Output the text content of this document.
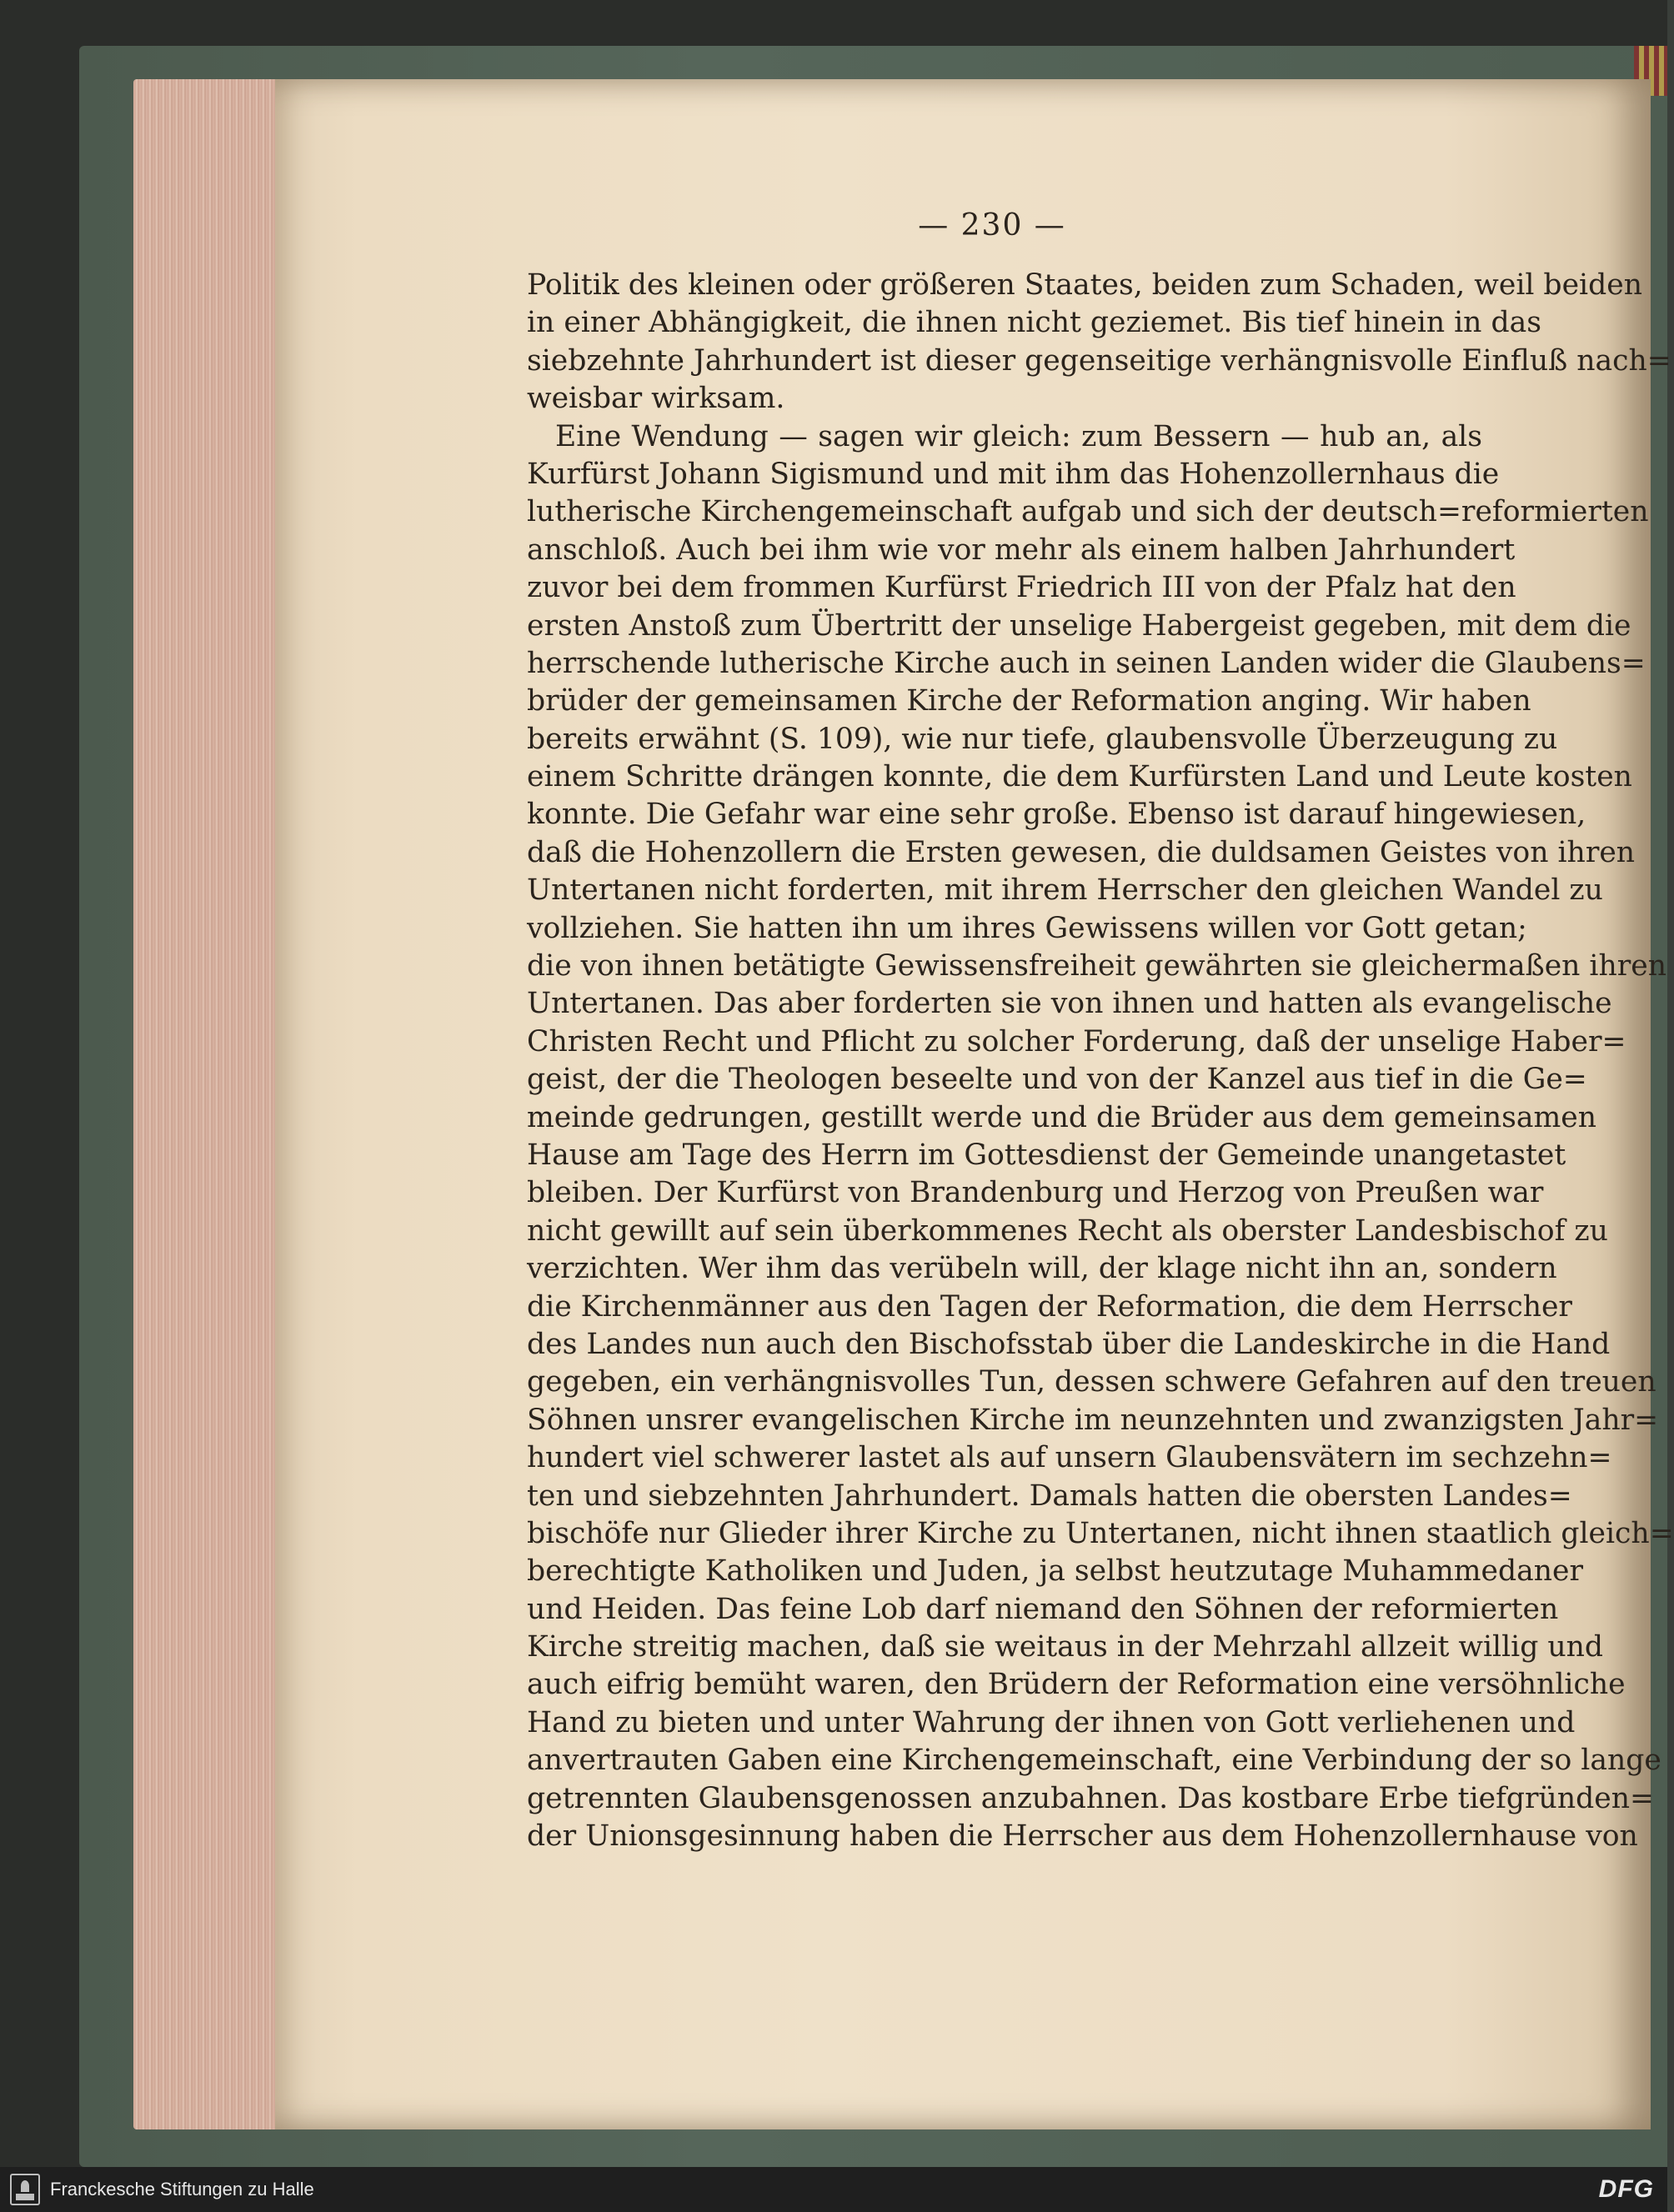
— 230 —
Politik des kleinen oder größeren Staates, beiden zum Schaden, weil beiden
in einer Abhängigkeit, die ihnen nicht geziemet. Bis tief hinein in das
siebzehnte Jahrhundert ist dieser gegenseitige verhängnisvolle Einfluß nach=
weisbar wirksam.
Eine Wendung — sagen wir gleich: zum Bessern — hub an, als
Kurfürst Johann Sigismund und mit ihm das Hohenzollernhaus die
lutherische Kirchengemeinschaft aufgab und sich der deutsch=reformierten
anschloß. Auch bei ihm wie vor mehr als einem halben Jahrhundert
zuvor bei dem frommen Kurfürst Friedrich III von der Pfalz hat den
ersten Anstoß zum Übertritt der unselige Habergeist gegeben, mit dem die
herrschende lutherische Kirche auch in seinen Landen wider die Glaubens=
brüder der gemeinsamen Kirche der Reformation anging. Wir haben
bereits erwähnt (S. 109), wie nur tiefe, glaubensvolle Überzeugung zu
einem Schritte drängen konnte, die dem Kurfürsten Land und Leute kosten
konnte. Die Gefahr war eine sehr große. Ebenso ist darauf hingewiesen,
daß die Hohenzollern die Ersten gewesen, die duldsamen Geistes von ihren
Untertanen nicht forderten, mit ihrem Herrscher den gleichen Wandel zu
vollziehen. Sie hatten ihn um ihres Gewissens willen vor Gott getan;
die von ihnen betätigte Gewissensfreiheit gewährten sie gleichermaßen ihren
Untertanen. Das aber forderten sie von ihnen und hatten als evangelische
Christen Recht und Pflicht zu solcher Forderung, daß der unselige Haber=
geist, der die Theologen beseelte und von der Kanzel aus tief in die Ge=
meinde gedrungen, gestillt werde und die Brüder aus dem gemeinsamen
Hause am Tage des Herrn im Gottesdienst der Gemeinde unangetastet
bleiben. Der Kurfürst von Brandenburg und Herzog von Preußen war
nicht gewillt auf sein überkommenes Recht als oberster Landesbischof zu
verzichten. Wer ihm das verübeln will, der klage nicht ihn an, sondern
die Kirchenmänner aus den Tagen der Reformation, die dem Herrscher
des Landes nun auch den Bischofsstab über die Landeskirche in die Hand
gegeben, ein verhängnisvolles Tun, dessen schwere Gefahren auf den treuen
Söhnen unsrer evangelischen Kirche im neunzehnten und zwanzigsten Jahr=
hundert viel schwerer lastet als auf unsern Glaubensvätern im sechzehn=
ten und siebzehnten Jahrhundert. Damals hatten die obersten Landes=
bischöfe nur Glieder ihrer Kirche zu Untertanen, nicht ihnen staatlich gleich=
berechtigte Katholiken und Juden, ja selbst heutzutage Muhammedaner
und Heiden. Das feine Lob darf niemand den Söhnen der reformierten
Kirche streitig machen, daß sie weitaus in der Mehrzahl allzeit willig und
auch eifrig bemüht waren, den Brüdern der Reformation eine versöhnliche
Hand zu bieten und unter Wahrung der ihnen von Gott verliehenen und
anvertrauten Gaben eine Kirchengemeinschaft, eine Verbindung der so lange
getrennten Glaubensgenossen anzubahnen. Das kostbare Erbe tiefgründen=
der Unionsgesinnung haben die Herrscher aus dem Hohenzollernhause von
Franckesche Stiftungen zu Halle	DFG
